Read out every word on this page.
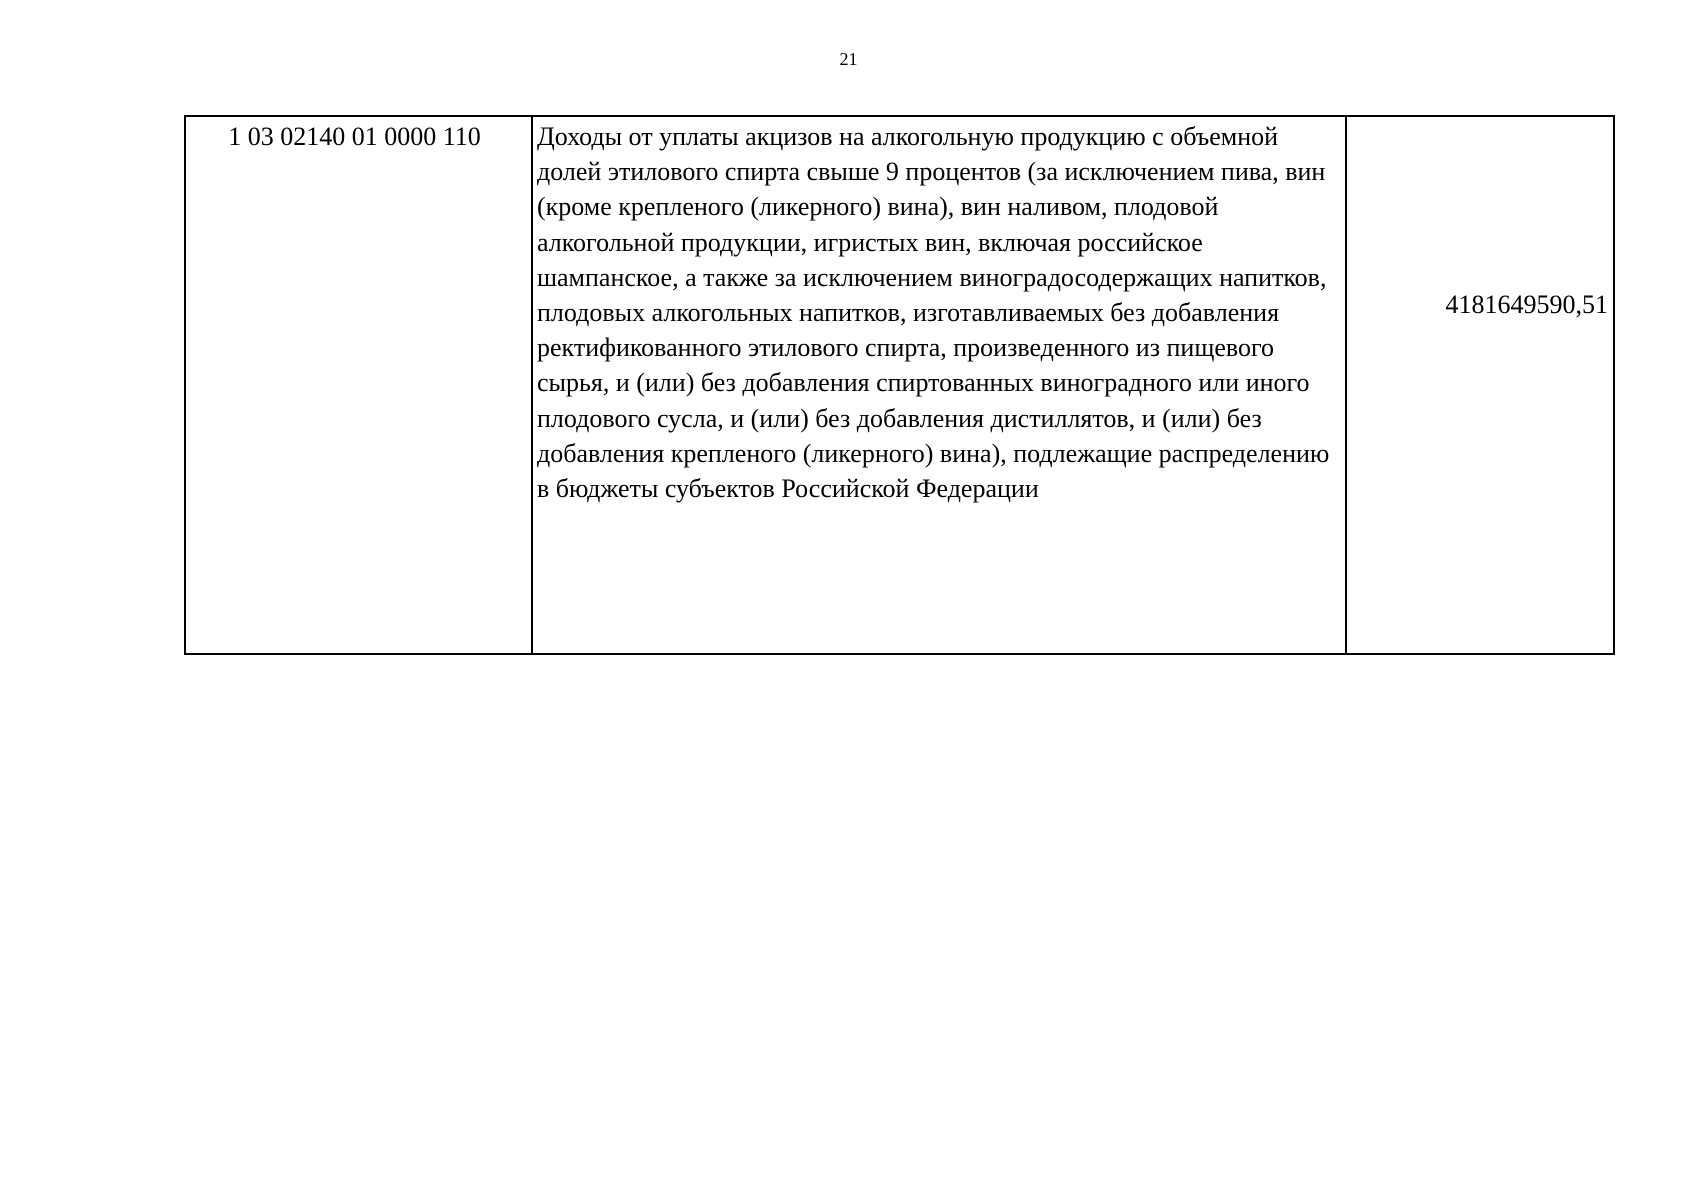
21
1 03 02140 01 0000 110	Доходы от уплаты акцизов на алкогольную продукцию с объемной долей этилового спирта свыше 9 процентов (за исключением пива, вин (кроме крепленого (ликерного) вина), вин наливом, плодовой алкогольной продукции, игристых вин, включая российское шампанское, а также за исключением виноградосодержащих напитков, плодовых алкогольных напитков, изготавливаемых без добавления ректификованного этилового спирта, произведенного из пищевого сырья, и (или) без добавления спиртованных виноградного или иного плодового сусла, и (или) без добавления дистиллятов, и (или) без добавления крепленого (ликерного) вина), подлежащие распределению в бюджеты субъектов Российской Федерации	4181649590,51
